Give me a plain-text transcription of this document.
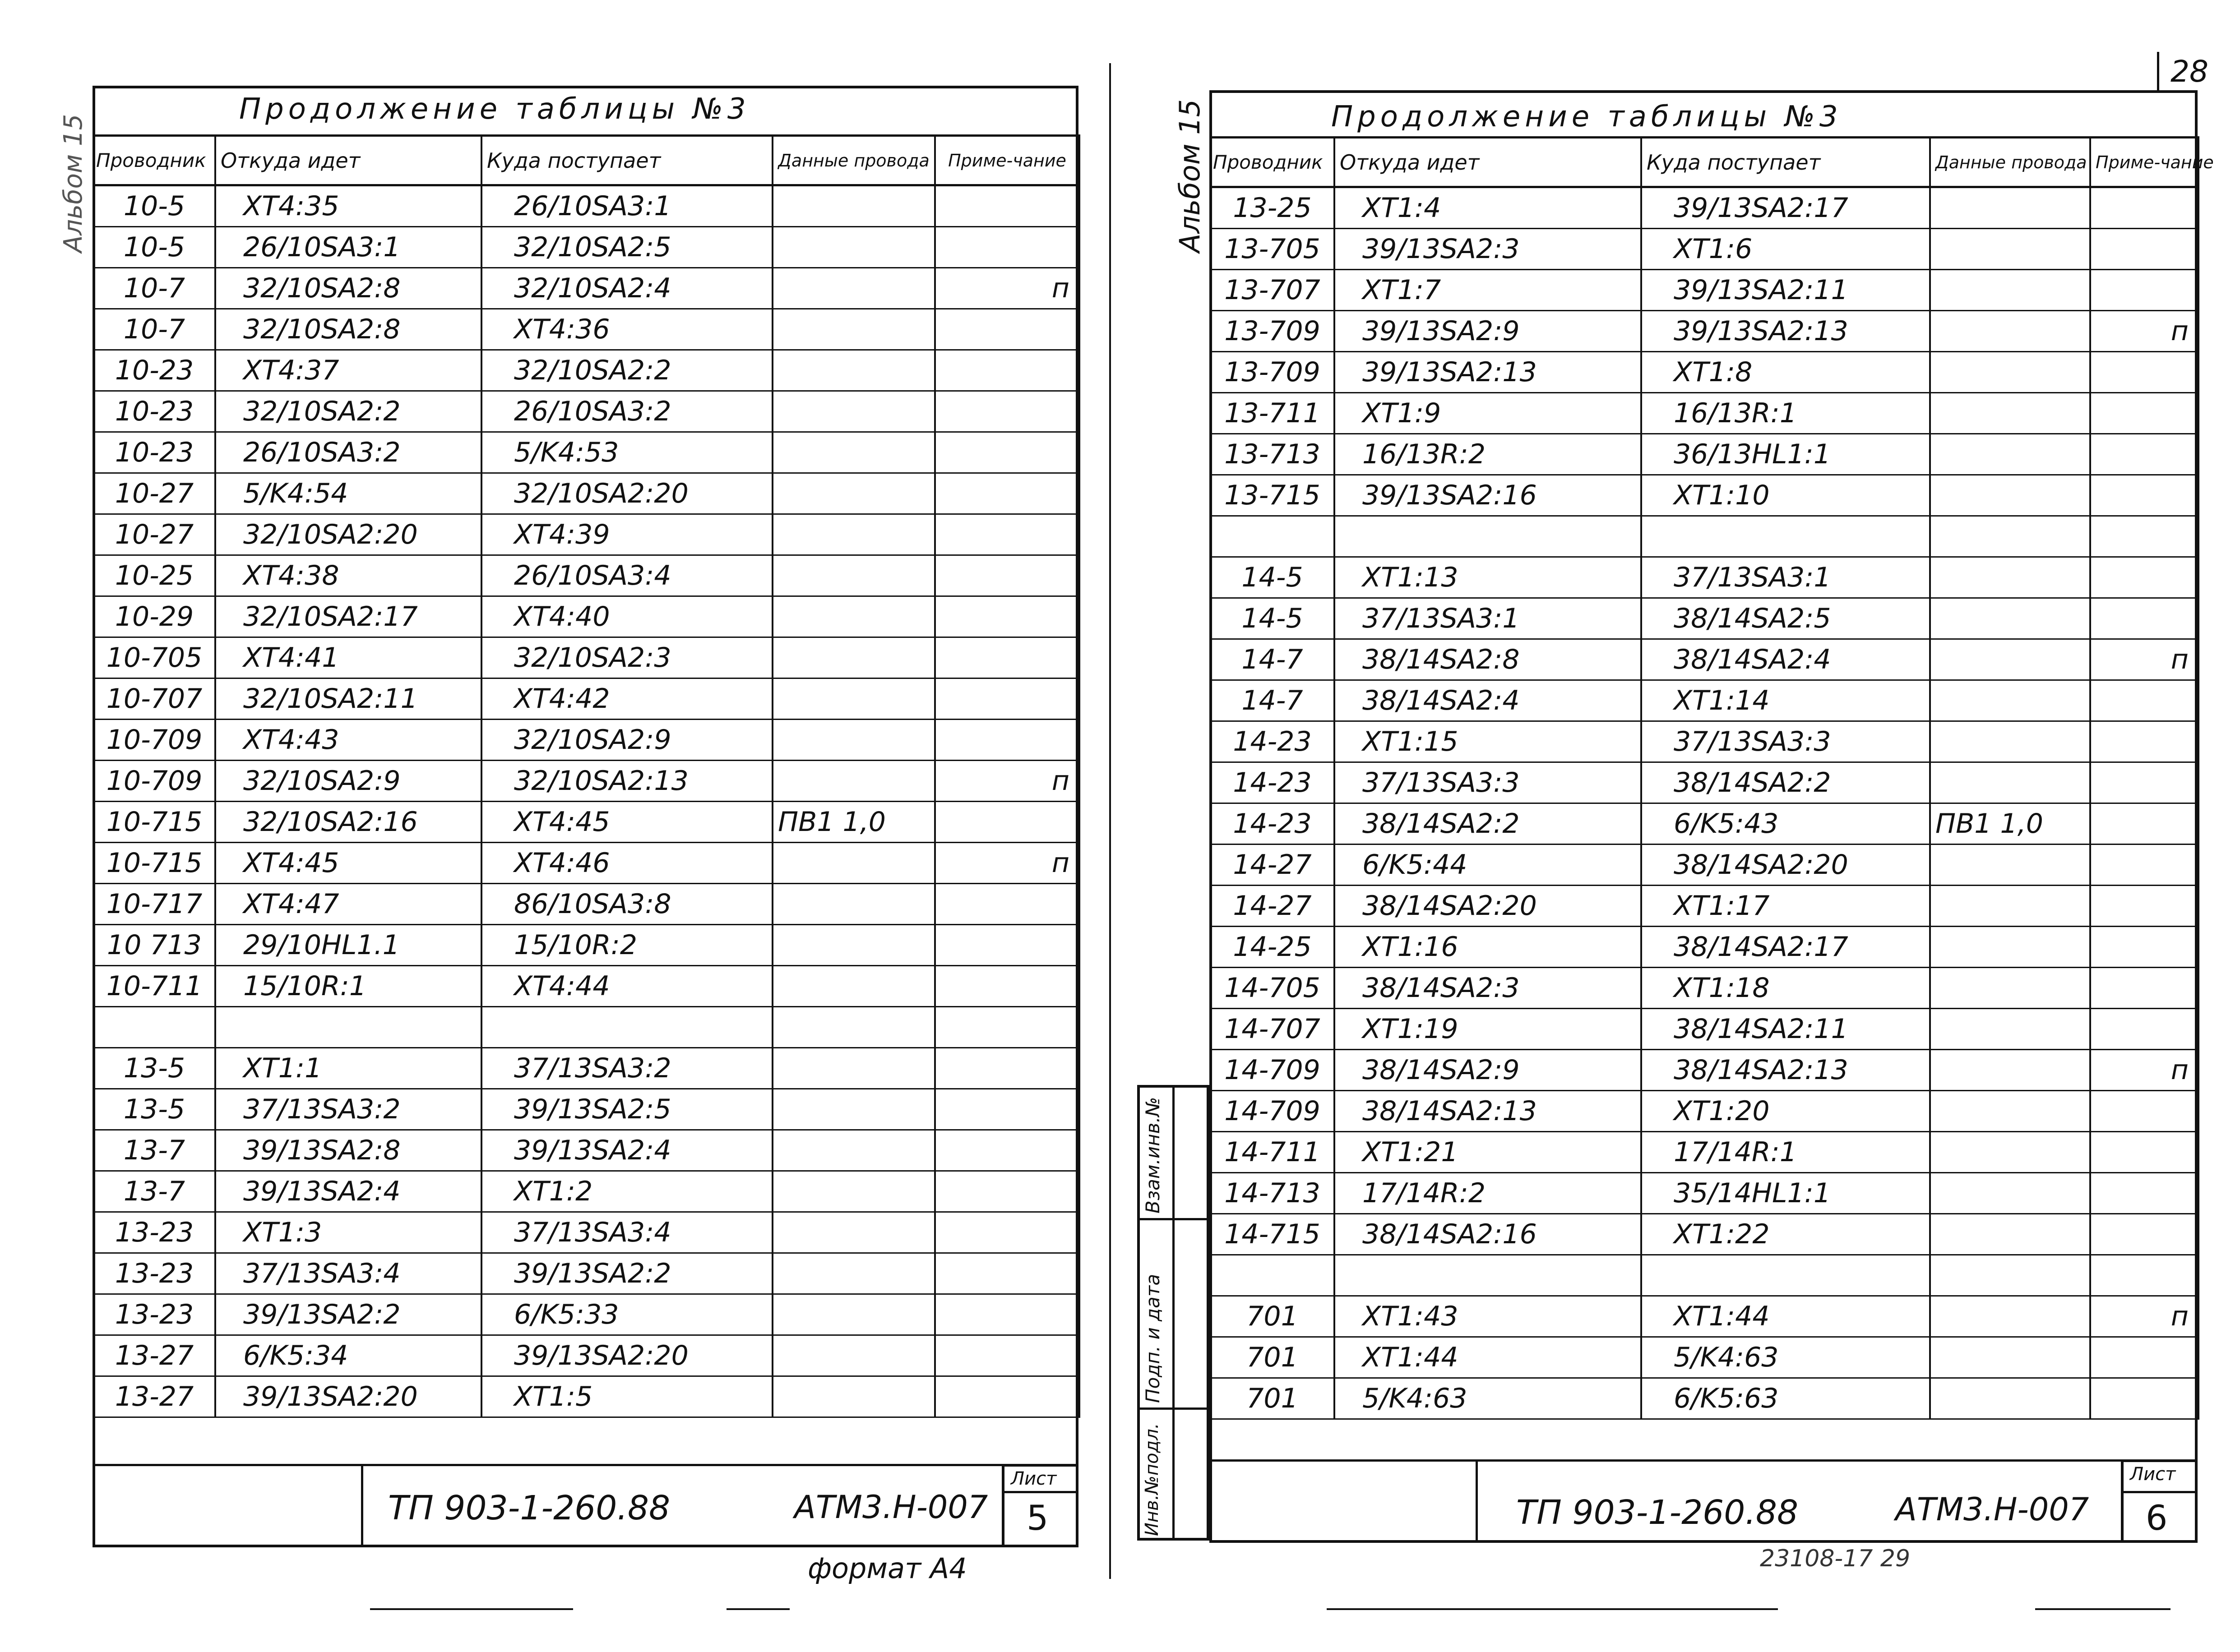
Альбом 15
Продолжение таблицы №3
Проводник	Откуда идет	Куда поступает	Данные провода	Приме-чание
10-5	XT4:35	26/10SA3:1		
10-5	26/10SA3:1	32/10SA2:5		
10-7	32/10SA2:8	32/10SA2:4		п
10-7	32/10SA2:8	XT4:36		
10-23	XT4:37	32/10SA2:2		
10-23	32/10SA2:2	26/10SA3:2		
10-23	26/10SA3:2	5/K4:53		
10-27	5/K4:54	32/10SA2:20		
10-27	32/10SA2:20	XT4:39		
10-25	XT4:38	26/10SA3:4		
10-29	32/10SA2:17	XT4:40		
10-705	XT4:41	32/10SA2:3		
10-707	32/10SA2:11	XT4:42		
10-709	XT4:43	32/10SA2:9		
10-709	32/10SA2:9	32/10SA2:13		п
10-715	32/10SA2:16	XT4:45	ПВ1 1,0	
10-715	XT4:45	XT4:46		п
10-717	XT4:47	86/10SA3:8		
10 713	29/10HL1.1	15/10R:2		
10-711	15/10R:1	XT4:44		

13-5	XT1:1	37/13SA3:2		
13-5	37/13SA3:2	39/13SA2:5		
13-7	39/13SA2:8	39/13SA2:4		
13-7	39/13SA2:4	XT1:2		
13-23	XT1:3	37/13SA3:4		
13-23	37/13SA3:4	39/13SA2:2		
13-23	39/13SA2:2	6/K5:33		
13-27	6/K5:34	39/13SA2:20		
13-27	39/13SA2:20	XT1:5		
ТП 903-1-260.88	АТМ3.Н-007
Лист
5
формат А4
28
Альбом 15	Продолжение таблицы №3
Проводник	Откуда идет	Куда поступает	Данные провода	Приме-чание
13-25	XT1:4	39/13SA2:17		
13-705	39/13SA2:3	XT1:6		
13-707	XT1:7	39/13SA2:11		
13-709	39/13SA2:9	39/13SA2:13		п
13-709	39/13SA2:13	XT1:8		
13-711	XT1:9	16/13R:1		
13-713	16/13R:2	36/13HL1:1		
13-715	39/13SA2:16	XT1:10		

14-5	XT1:13	37/13SA3:1		
14-5	37/13SA3:1	38/14SA2:5		
14-7	38/14SA2:8	38/14SA2:4		п
14-7	38/14SA2:4	XT1:14		
14-23	XT1:15	37/13SA3:3		
14-23	37/13SA3:3	38/14SA2:2		
14-23	38/14SA2:2	6/K5:43	ПВ1 1,0	
14-27	6/K5:44	38/14SA2:20		
14-27	38/14SA2:20	XT1:17		
14-25	XT1:16	38/14SA2:17		
14-705	38/14SA2:3	XT1:18		
14-707	XT1:19	38/14SA2:11		
14-709	38/14SA2:9	38/14SA2:13		п
14-709	38/14SA2:13	XT1:20		
14-711	XT1:21	17/14R:1		
14-713	17/14R:2	35/14HL1:1		
14-715	38/14SA2:16	XT1:22		

701	XT1:43	XT1:44		п
701	XT1:44	5/K4:63		
701	5/K4:63	6/K5:63		
Взам.инв.№
Подп. и дата
Инв.№подл.	ТП 903-1-260.88	АТМ3.Н-007
Лист
6
23108-17 29
